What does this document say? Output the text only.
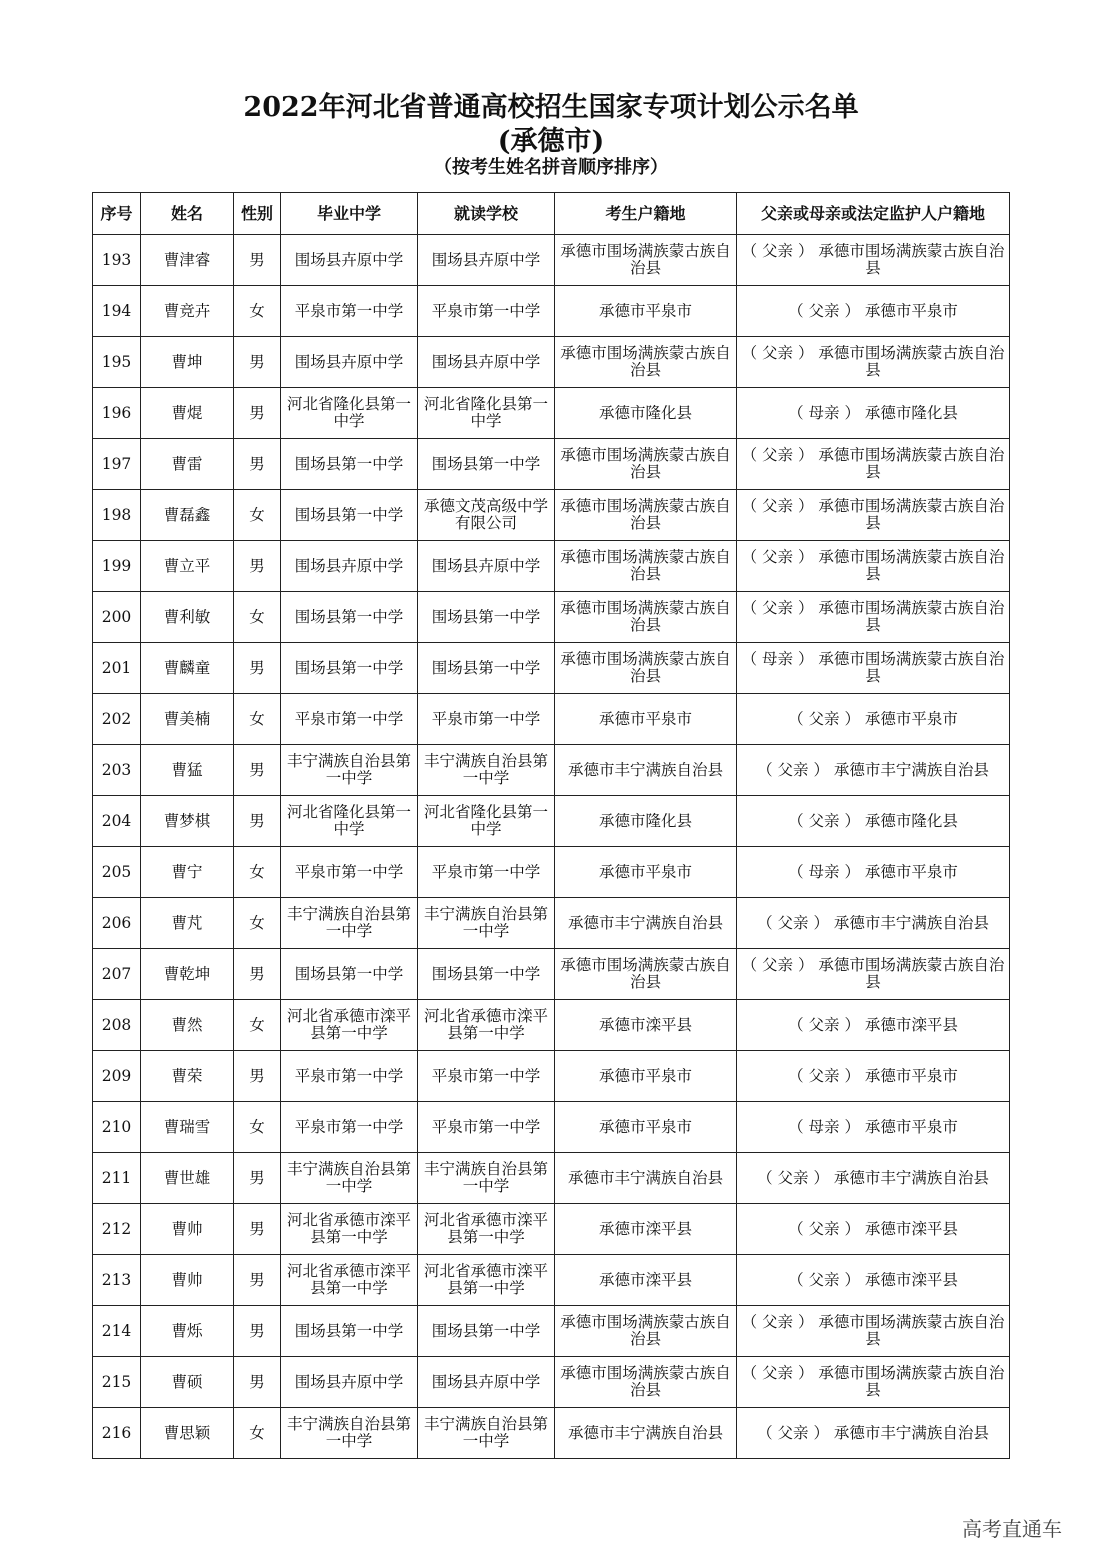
2022年河北省普通高校招生国家专项计划公示名单
(承德市)
（按考生姓名拼音顺序排序）
序号	姓名	性别	毕业中学	就读学校	考生户籍地	父亲或母亲或法定监护人户籍地
193	曹津睿	男	围场县卉原中学	围场县卉原中学	承德市围场满族蒙古族自治县	（ 父亲 ） 承德市围场满族蒙古族自治县
194	曹竞卉	女	平泉市第一中学	平泉市第一中学	承德市平泉市	（ 父亲 ） 承德市平泉市
195	曹坤	男	围场县卉原中学	围场县卉原中学	承德市围场满族蒙古族自治县	（ 父亲 ） 承德市围场满族蒙古族自治县
196	曹焜	男	河北省隆化县第一中学	河北省隆化县第一中学	承德市隆化县	（ 母亲 ） 承德市隆化县
197	曹雷	男	围场县第一中学	围场县第一中学	承德市围场满族蒙古族自治县	（ 父亲 ） 承德市围场满族蒙古族自治县
198	曹磊鑫	女	围场县第一中学	承德文茂高级中学有限公司	承德市围场满族蒙古族自治县	（ 父亲 ） 承德市围场满族蒙古族自治县
199	曹立平	男	围场县卉原中学	围场县卉原中学	承德市围场满族蒙古族自治县	（ 父亲 ） 承德市围场满族蒙古族自治县
200	曹利敏	女	围场县第一中学	围场县第一中学	承德市围场满族蒙古族自治县	（ 父亲 ） 承德市围场满族蒙古族自治县
201	曹麟童	男	围场县第一中学	围场县第一中学	承德市围场满族蒙古族自治县	（ 母亲 ） 承德市围场满族蒙古族自治县
202	曹美楠	女	平泉市第一中学	平泉市第一中学	承德市平泉市	（ 父亲 ） 承德市平泉市
203	曹猛	男	丰宁满族自治县第一中学	丰宁满族自治县第一中学	承德市丰宁满族自治县	（ 父亲 ） 承德市丰宁满族自治县
204	曹梦棋	男	河北省隆化县第一中学	河北省隆化县第一中学	承德市隆化县	（ 父亲 ） 承德市隆化县
205	曹宁	女	平泉市第一中学	平泉市第一中学	承德市平泉市	（ 母亲 ） 承德市平泉市
206	曹芃	女	丰宁满族自治县第一中学	丰宁满族自治县第一中学	承德市丰宁满族自治县	（ 父亲 ） 承德市丰宁满族自治县
207	曹乾坤	男	围场县第一中学	围场县第一中学	承德市围场满族蒙古族自治县	（ 父亲 ） 承德市围场满族蒙古族自治县
208	曹然	女	河北省承德市滦平县第一中学	河北省承德市滦平县第一中学	承德市滦平县	（ 父亲 ） 承德市滦平县
209	曹荣	男	平泉市第一中学	平泉市第一中学	承德市平泉市	（ 父亲 ） 承德市平泉市
210	曹瑞雪	女	平泉市第一中学	平泉市第一中学	承德市平泉市	（ 母亲 ） 承德市平泉市
211	曹世雄	男	丰宁满族自治县第一中学	丰宁满族自治县第一中学	承德市丰宁满族自治县	（ 父亲 ） 承德市丰宁满族自治县
212	曹帅	男	河北省承德市滦平县第一中学	河北省承德市滦平县第一中学	承德市滦平县	（ 父亲 ） 承德市滦平县
213	曹帅	男	河北省承德市滦平县第一中学	河北省承德市滦平县第一中学	承德市滦平县	（ 父亲 ） 承德市滦平县
214	曹烁	男	围场县第一中学	围场县第一中学	承德市围场满族蒙古族自治县	（ 父亲 ） 承德市围场满族蒙古族自治县
215	曹硕	男	围场县卉原中学	围场县卉原中学	承德市围场满族蒙古族自治县	（ 父亲 ） 承德市围场满族蒙古族自治县
216	曹思颖	女	丰宁满族自治县第一中学	丰宁满族自治县第一中学	承德市丰宁满族自治县	（ 父亲 ） 承德市丰宁满族自治县
高考直通车
